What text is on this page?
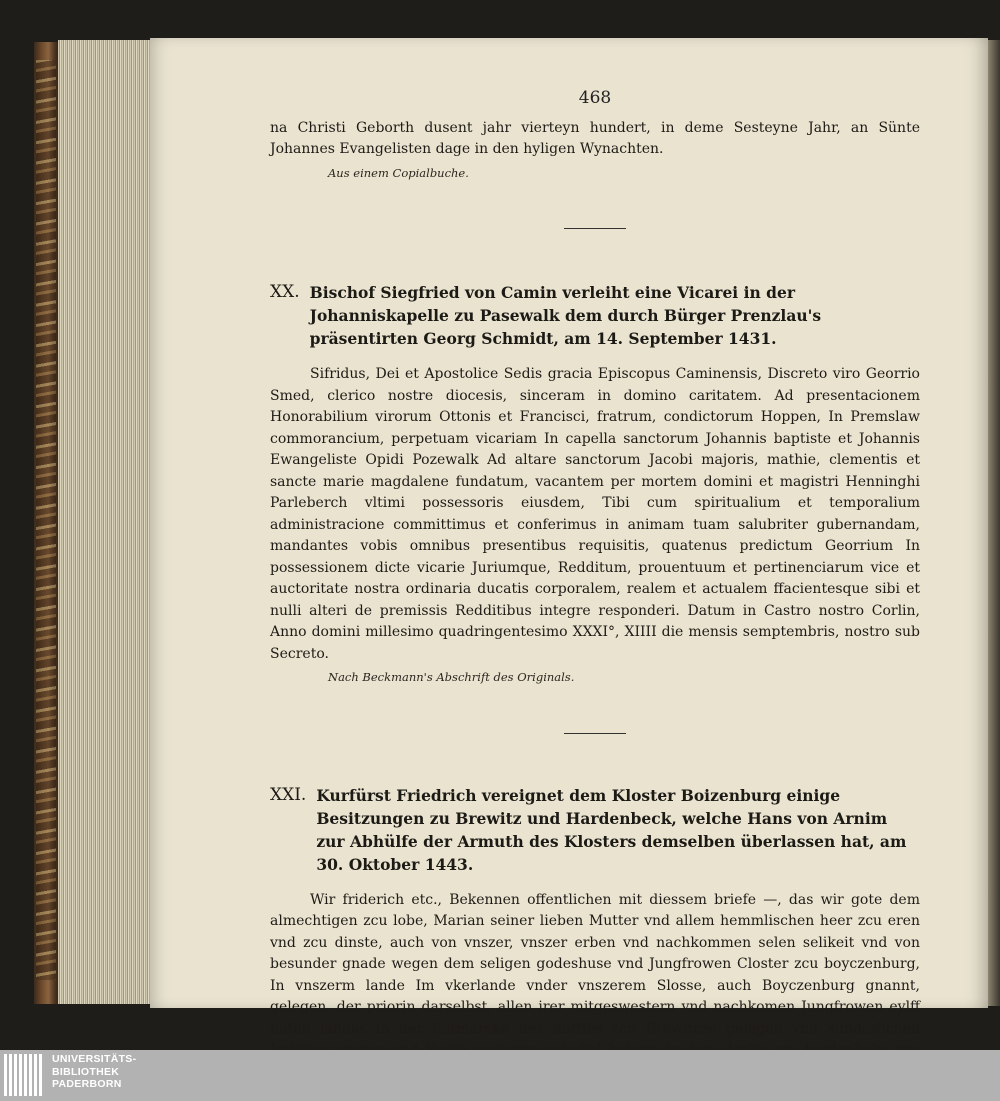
468

na Christi Geborth dusent jahr vierteyn hundert, in deme Sesteyne Jahr, an Sünte Johannes Evangelisten dage in den hyligen Wynachten.

Aus einem Copialbuche.
XX. Bischof Siegfried von Camin verleiht eine Vicarei in der Johanniskapelle zu Pasewalk dem durch Bürger Prenzlau's präsentirten Georg Schmidt, am 14. September 1431.

Sifridus, Dei et Apostolice Sedis gracia Episcopus Caminensis, Discreto viro Georrio Smed, clerico nostre diocesis, sinceram in domino caritatem. Ad presentacionem Honorabilium virorum Ottonis et Francisci, fratrum, condictorum Hoppen, In Premslaw commorancium, perpetuam vicariam In capella sanctorum Johannis baptiste et Johannis Ewangeliste Opidi Pozewalk Ad altare sanctorum Jacobi majoris, mathie, clementis et sancte marie magdalene fundatum, vacantem per mortem domini et magistri Henninghi Parleberch vltimi possessoris eiusdem, Tibi cum spiritualium et temporalium administracione committimus et conferimus in animam tuam salubriter gubernandam, mandantes vobis omnibus presentibus requisitis, quatenus predictum Georrium In possessionem dicte vicarie Juriumque, Redditum, prouentuum et pertinenciarum vice et auctoritate nostra ordinaria ducatis corporalem, realem et actualem ffacientesque sibi et nulli alteri de premissis Redditibus integre responderi. Datum in Castro nostro Corlin, Anno domini millesimo quadringentesimo XXXI°, XIIII die mensis semptembris, nostro sub Secreto.

Nach Beckmann's Abschrift des Originals.
XXI. Kurfürst Friedrich vereignet dem Kloster Boizenburg einige Besitzungen zu Brewitz und Hardenbeck, welche Hans von Arnim zur Abhülfe der Armuth des Klosters demselben überlassen hat, am 30. Oktober 1443.

Wir friderich etc., Bekennen offentlichen mit diessem briefe —, das wir gote dem almechtigen zcu lobe, Marian seiner lieben Mutter vnd allem hemmlischen heer zcu eren vnd zcu dinste, auch von vnszer, vnszer erben vnd nachkommen selen selikeit vnd von besunder gnade wegen dem seligen godeshuse vnd Jungfrowen Closter zcu boyczenburg, In vnszerm lande Im vkerlande vnder vnszerem Slosse, auch Boyczenburg gnannt, gelegen, der priorin darselbst, allen irer mitgeswestern vnd nachkomen Jungfrowen eylff hufen landes in der feltmarcke des dorffes zcu Brewitcze gelegen vnd sunderlichen

UNIVERSITÄTS-
BIBLIOTHEK
PADERBORN
